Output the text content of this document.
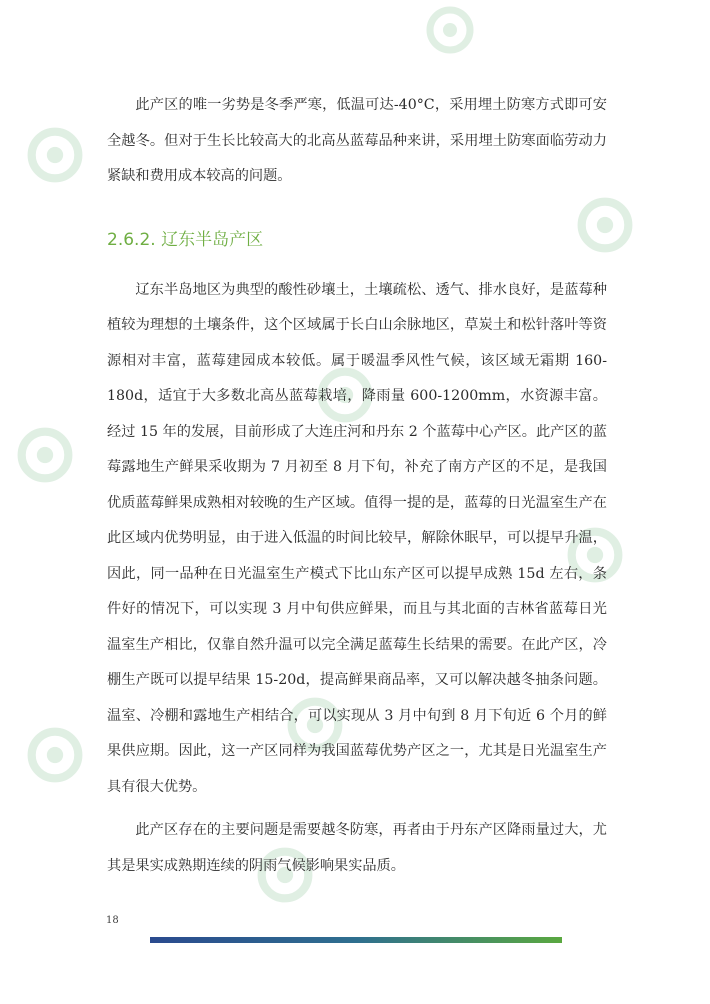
此产区的唯一劣势是冬季严寒，低温可达-40°C，采用埋土防寒方式即可安全越冬。但对于生长比较高大的北高丛蓝莓品种来讲，采用埋土防寒面临劳动力紧缺和费用成本较高的问题。

2.6.2. 辽东半岛产区

辽东半岛地区为典型的酸性砂壤土，土壤疏松、透气、排水良好，是蓝莓种植较为理想的土壤条件，这个区域属于长白山余脉地区，草炭土和松针落叶等资源相对丰富，蓝莓建园成本较低。属于暖温季风性气候，该区域无霜期 160-180d，适宜于大多数北高丛蓝莓栽培，降雨量 600-1200mm，水资源丰富。经过 15 年的发展，目前形成了大连庄河和丹东 2 个蓝莓中心产区。此产区的蓝莓露地生产鲜果采收期为 7 月初至 8 月下旬，补充了南方产区的不足，是我国优质蓝莓鲜果成熟相对较晚的生产区域。值得一提的是，蓝莓的日光温室生产在此区域内优势明显，由于进入低温的时间比较早，解除休眠早，可以提早升温，因此，同一品种在日光温室生产模式下比山东产区可以提早成熟 15d 左右，条件好的情况下，可以实现 3 月中旬供应鲜果，而且与其北面的吉林省蓝莓日光温室生产相比，仅靠自然升温可以完全满足蓝莓生长结果的需要。在此产区，冷棚生产既可以提早结果 15-20d，提高鲜果商品率，又可以解决越冬抽条问题。温室、冷棚和露地生产相结合，可以实现从 3 月中旬到 8 月下旬近 6 个月的鲜果供应期。因此，这一产区同样为我国蓝莓优势产区之一，尤其是日光温室生产具有很大优势。

此产区存在的主要问题是需要越冬防寒，再者由于丹东产区降雨量过大，尤其是果实成熟期连续的阴雨气候影响果实品质。

18
